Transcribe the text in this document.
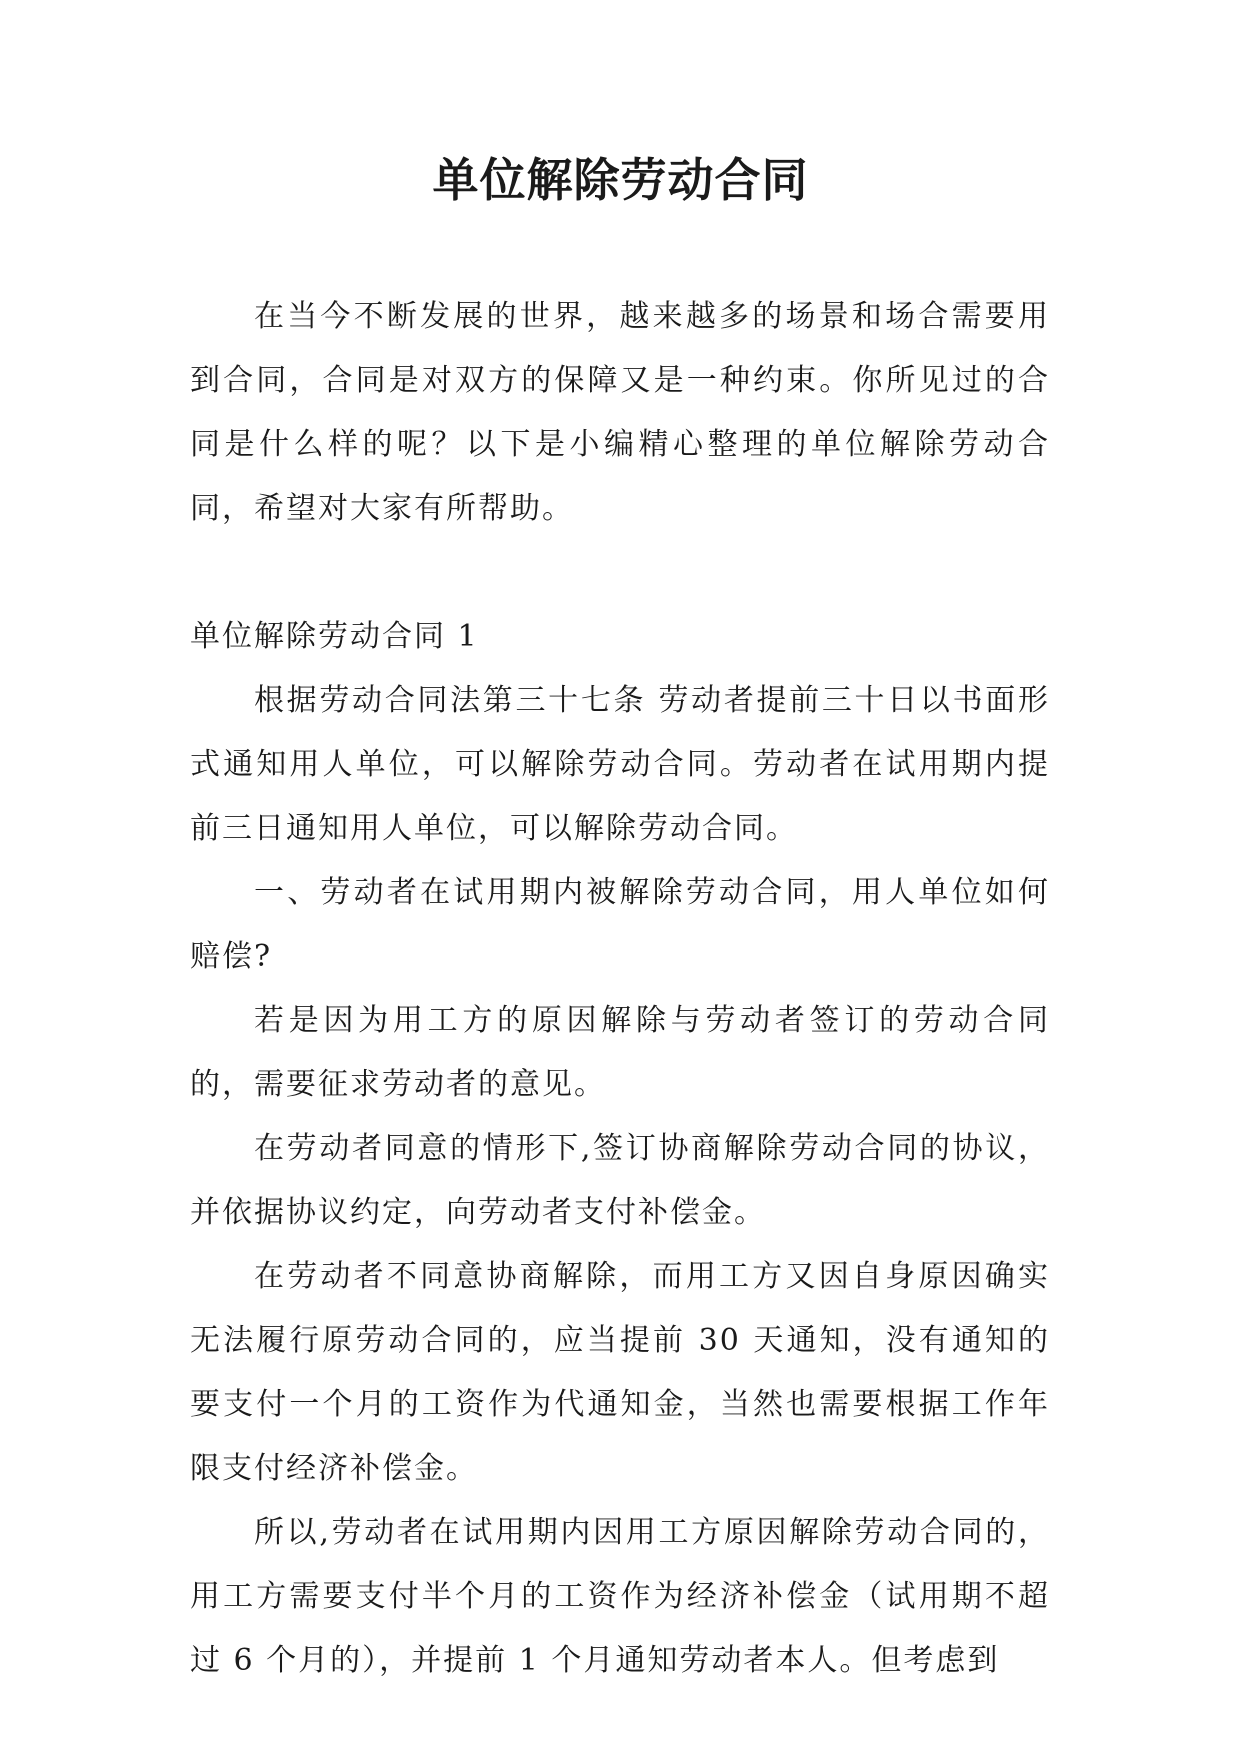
单位解除劳动合同

在当今不断发展的世界，越来越多的场景和场合需要用到合同，合同是对双方的保障又是一种约束。你所见过的合同是什么样的呢？以下是小编精心整理的单位解除劳动合同，希望对大家有所帮助。

单位解除劳动合同 1

根据劳动合同法第三十七条 劳动者提前三十日以书面形式通知用人单位，可以解除劳动合同。劳动者在试用期内提前三日通知用人单位，可以解除劳动合同。

一、劳动者在试用期内被解除劳动合同，用人单位如何赔偿?

若是因为用工方的原因解除与劳动者签订的劳动合同的，需要征求劳动者的意见。

在劳动者同意的情形下,签订协商解除劳动合同的协议，并依据协议约定，向劳动者支付补偿金。

在劳动者不同意协商解除，而用工方又因自身原因确实无法履行原劳动合同的，应当提前 30 天通知，没有通知的要支付一个月的工资作为代通知金，当然也需要根据工作年限支付经济补偿金。

所以,劳动者在试用期内因用工方原因解除劳动合同的，用工方需要支付半个月的工资作为经济补偿金（试用期不超过 6 个月的），并提前 1 个月通知劳动者本人。但考虑到
